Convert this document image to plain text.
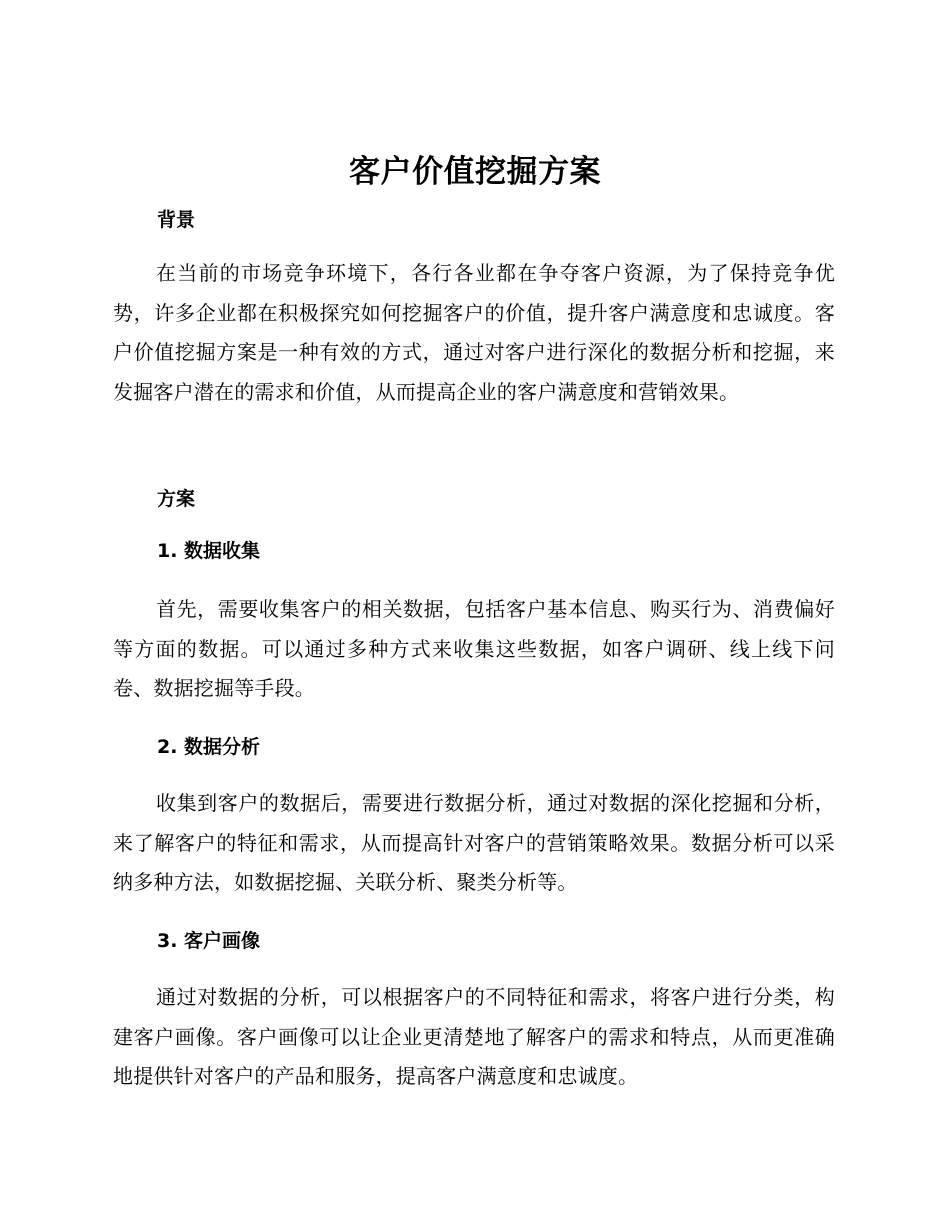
客户价值挖掘方案
背景

在当前的市场竞争环境下，各行各业都在争夺客户资源，为了保持竞争优势，许多企业都在积极探究如何挖掘客户的价值，提升客户满意度和忠诚度。客户价值挖掘方案是一种有效的方式，通过对客户进行深化的数据分析和挖掘，来发掘客户潜在的需求和价值，从而提高企业的客户满意度和营销效果。

方案
1. 数据收集

首先，需要收集客户的相关数据，包括客户基本信息、购买行为、消费偏好等方面的数据。可以通过多种方式来收集这些数据，如客户调研、线上线下问卷、数据挖掘等手段。

2. 数据分析

收集到客户的数据后，需要进行数据分析，通过对数据的深化挖掘和分析，来了解客户的特征和需求，从而提高针对客户的营销策略效果。数据分析可以采纳多种方法，如数据挖掘、关联分析、聚类分析等。

3. 客户画像

通过对数据的分析，可以根据客户的不同特征和需求，将客户进行分类，构建客户画像。客户画像可以让企业更清楚地了解客户的需求和特点，从而更准确地提供针对客户的产品和服务，提高客户满意度和忠诚度。
